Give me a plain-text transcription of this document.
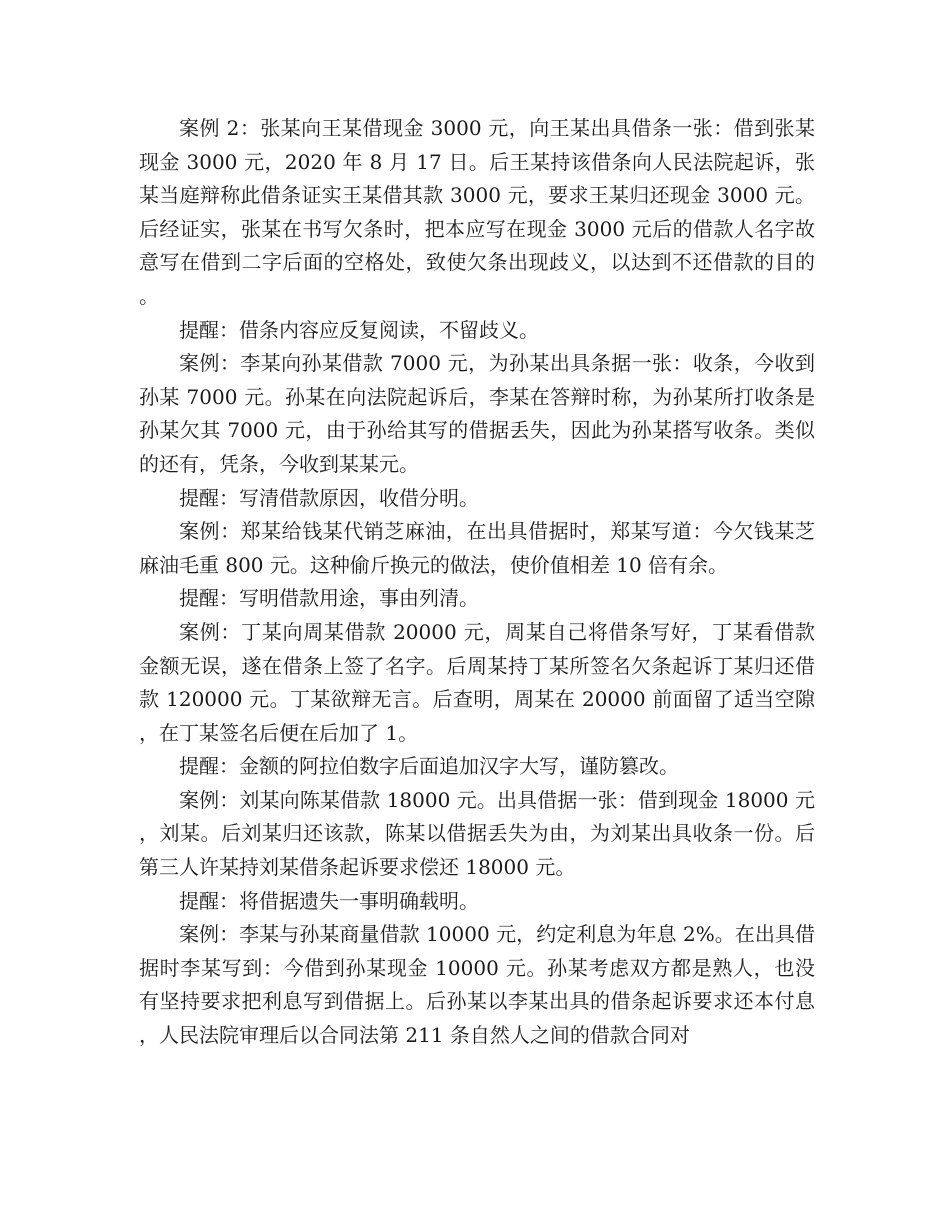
案例 2：张某向王某借现金 3000 元，向王某出具借条一张：借到张某现金 3000 元，2020 年 8 月 17 日。后王某持该借条向人民法院起诉，张某当庭辩称此借条证实王某借其款 3000 元，要求王某归还现金 3000 元。后经证实，张某在书写欠条时，把本应写在现金 3000 元后的借款人名字故意写在借到二字后面的空格处，致使欠条出现歧义，以达到不还借款的目的。

提醒：借条内容应反复阅读，不留歧义。

案例：李某向孙某借款 7000 元，为孙某出具条据一张：收条，今收到孙某 7000 元。孙某在向法院起诉后，李某在答辩时称，为孙某所打收条是孙某欠其 7000 元，由于孙给其写的借据丢失，因此为孙某搭写收条。类似的还有，凭条，今收到某某元。

提醒：写清借款原因，收借分明。

案例：郑某给钱某代销芝麻油，在出具借据时，郑某写道：今欠钱某芝麻油毛重 800 元。这种偷斤换元的做法，使价值相差 10 倍有余。

提醒：写明借款用途，事由列清。

案例：丁某向周某借款 20000 元，周某自己将借条写好，丁某看借款金额无误，遂在借条上签了名字。后周某持丁某所签名欠条起诉丁某归还借款 120000 元。丁某欲辩无言。后查明，周某在 20000 前面留了适当空隙，在丁某签名后便在后加了 1。

提醒：金额的阿拉伯数字后面追加汉字大写，谨防篡改。

案例：刘某向陈某借款 18000 元。出具借据一张：借到现金 18000 元，刘某。后刘某归还该款，陈某以借据丢失为由，为刘某出具收条一份。后第三人许某持刘某借条起诉要求偿还 18000 元。

提醒：将借据遗失一事明确载明。

案例：李某与孙某商量借款 10000 元，约定利息为年息 2%。在出具借据时李某写到：今借到孙某现金 10000 元。孙某考虑双方都是熟人，也没有坚持要求把利息写到借据上。后孙某以李某出具的借条起诉要求还本付息，人民法院审理后以合同法第 211 条自然人之间的借款合同对
